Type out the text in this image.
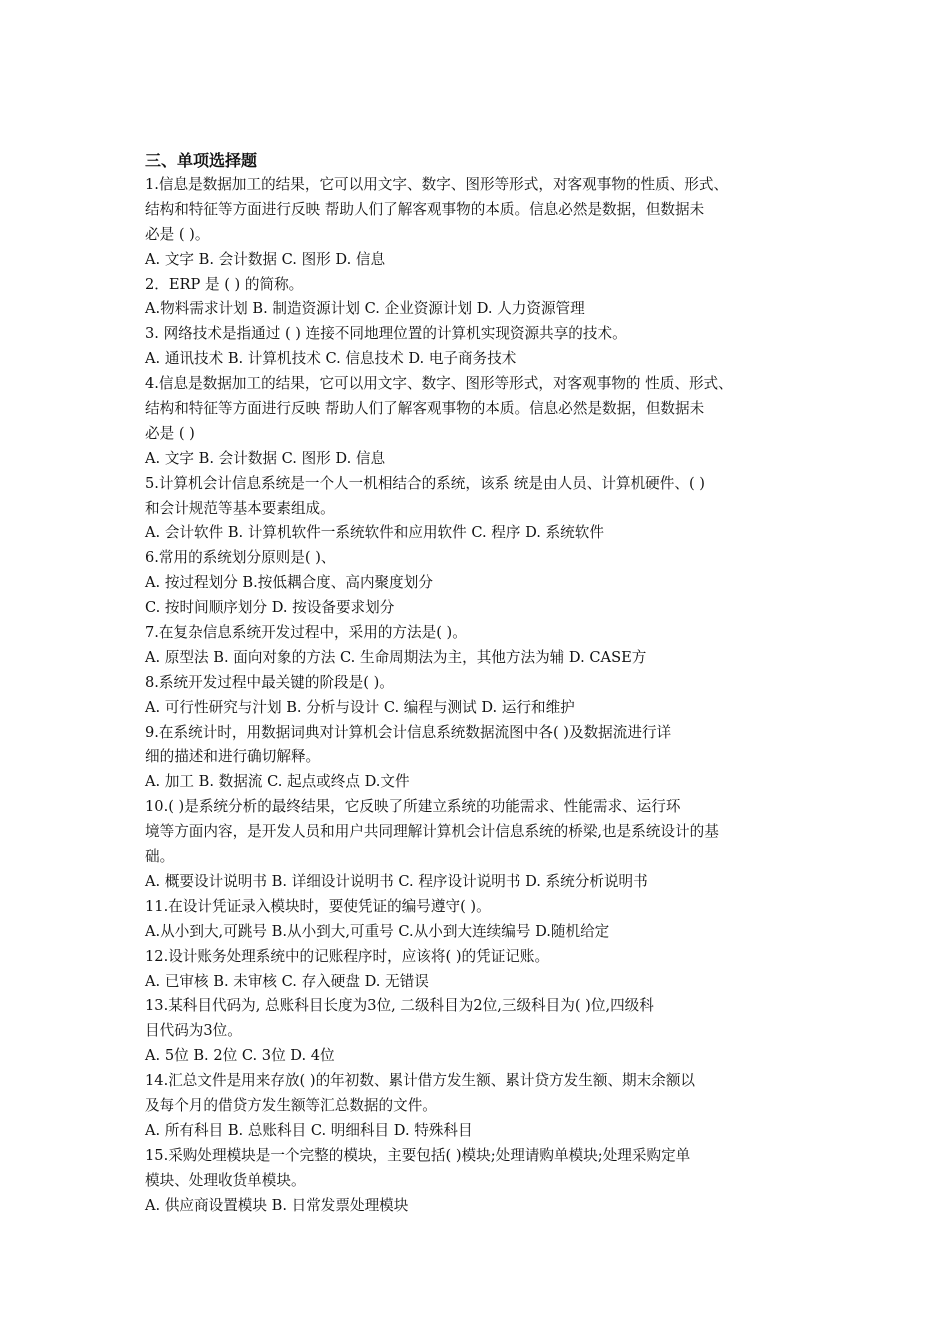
三、单项选择题
1.信息是数据加工的结果，它可以用文字、数字、图形等形式，对客观事物的性质、形式、
结构和特征等方面进行反映 帮助人们了解客观事物的本质。信息必然是数据，但数据未
必是 ( )。
A. 文字 B. 会计数据 C. 图形 D. 信息
2．ERP 是 ( ) 的简称。
A.物料需求计划 B. 制造资源计划 C. 企业资源计划 D. 人力资源管理
3. 网络技术是指通过 ( ) 连接不同地理位置的计算机实现资源共享的技术。
A. 通讯技术 B. 计算机技术 C. 信息技术 D. 电子商务技术
4.信息是数据加工的结果，它可以用文字、数字、图形等形式，对客观事物的 性质、形式、
结构和特征等方面进行反映 帮助人们了解客观事物的本质。信息必然是数据，但数据未
必是 ( )
A. 文字 B. 会计数据 C. 图形 D. 信息
5.计算机会计信息系统是一个人一机相结合的系统，该系 统是由人员、计算机硬件、( )
和会计规范等基本要素组成。
A. 会计软件 B. 计算机软件一系统软件和应用软件 C. 程序 D. 系统软件
6.常用的系统划分原则是( )、
A. 按过程划分 B.按低耦合度、高内聚度划分
C. 按时间顺序划分 D. 按设备要求划分
7.在复杂信息系统开发过程中，采用的方法是( )。
A. 原型法 B. 面向对象的方法 C. 生命周期法为主，其他方法为辅 D. CASE方
8.系统开发过程中最关键的阶段是( )。
A. 可行性研究与汁划 B. 分析与设计 C. 编程与测试 D. 运行和维护
9.在系统计时，用数据词典对计算机会计信息系统数据流图中各( )及数据流进行详
细的描述和进行确切解释。
A. 加工 B. 数据流 C. 起点或终点 D.文件
10.( )是系统分析的最终结果，它反映了所建立系统的功能需求、性能需求、运行环
境等方面内容，是开发人员和用户共同理解计算机会计信息系统的桥梁,也是系统设计的基
础。
A. 概要设计说明书 B. 详细设计说明书 C. 程序设计说明书 D. 系统分析说明书
11.在设计凭证录入模块时，要使凭证的编号遵守( )。
A.从小到大,可跳号 B.从小到大,可重号 C.从小到大连续编号 D.随机给定
12.设计账务处理系统中的记账程序时，应该将( )的凭证记账。
A. 已审核 B. 未审核 C. 存入硬盘 D. 无错误
13.某科目代码为, 总账科目长度为3位, 二级科目为2位,三级科目为( )位,四级科
目代码为3位。
A. 5位 B. 2位 C. 3位 D. 4位
14.汇总文件是用来存放( )的年初数、累计借方发生额、累计贷方发生额、期末余额以
及每个月的借贷方发生额等汇总数据的文件。
A. 所有科目 B. 总账科目 C. 明细科目 D. 特殊科目
15.采购处理模块是一个完整的模块，主要包括( )模块;处理请购单模块;处理采购定单
模块、处理收货单模块。
A. 供应商设置模块 B. 日常发票处理模块
